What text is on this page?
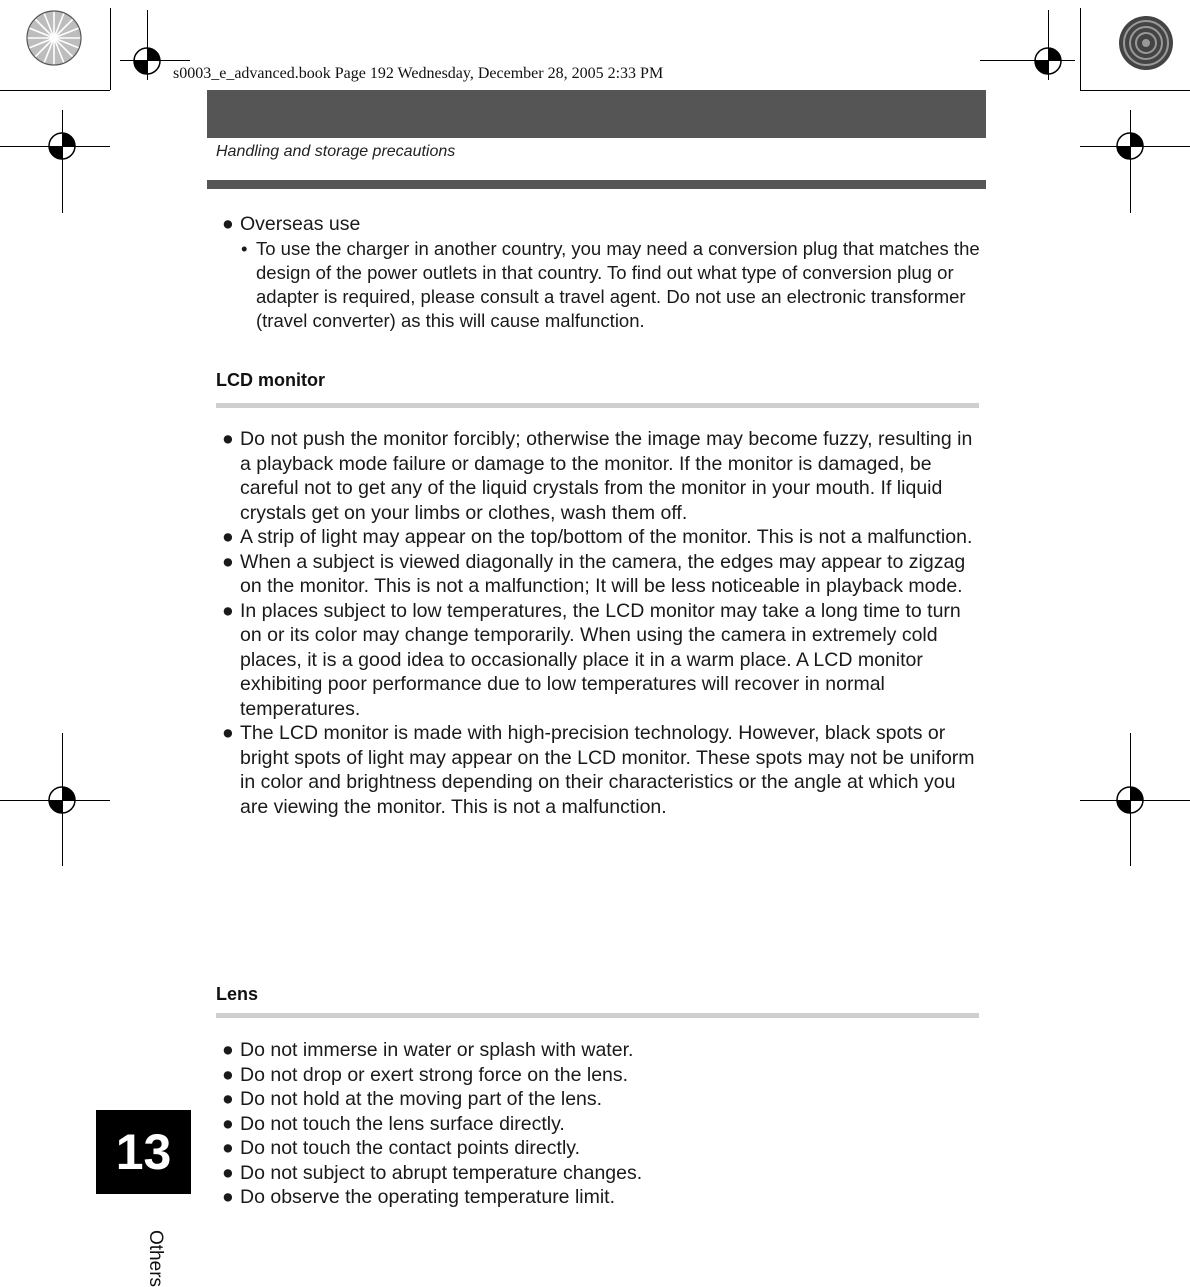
s0003_e_advanced.book Page 192 Wednesday, December 28, 2005 2:33 PM
Handling and storage precautions
● Overseas use
• To use the charger in another country, you may need a conversion plug that matches the design of the power outlets in that country. To find out what type of conversion plug or adapter is required, please consult a travel agent. Do not use an electronic transformer (travel converter) as this will cause malfunction.
LCD monitor
● Do not push the monitor forcibly; otherwise the image may become fuzzy, resulting in a playback mode failure or damage to the monitor. If the monitor is damaged, be careful not to get any of the liquid crystals from the monitor in your mouth. If liquid crystals get on your limbs or clothes, wash them off.
● A strip of light may appear on the top/bottom of the monitor. This is not a malfunction.
● When a subject is viewed diagonally in the camera, the edges may appear to zigzag on the monitor. This is not a malfunction; It will be less noticeable in playback mode.
● In places subject to low temperatures, the LCD monitor may take a long time to turn on or its color may change temporarily. When using the camera in extremely cold places, it is a good idea to occasionally place it in a warm place. A LCD monitor exhibiting poor performance due to low temperatures will recover in normal temperatures.
● The LCD monitor is made with high-precision technology. However, black spots or bright spots of light may appear on the LCD monitor. These spots may not be uniform in color and brightness depending on their characteristics or the angle at which you are viewing the monitor. This is not a malfunction.
Lens
● Do not immerse in water or splash with water.
● Do not drop or exert strong force on the lens.
● Do not hold at the moving part of the lens.
● Do not touch the lens surface directly.
● Do not touch the contact points directly.
● Do not subject to abrupt temperature changes.
● Do observe the operating temperature limit.
13
Others
